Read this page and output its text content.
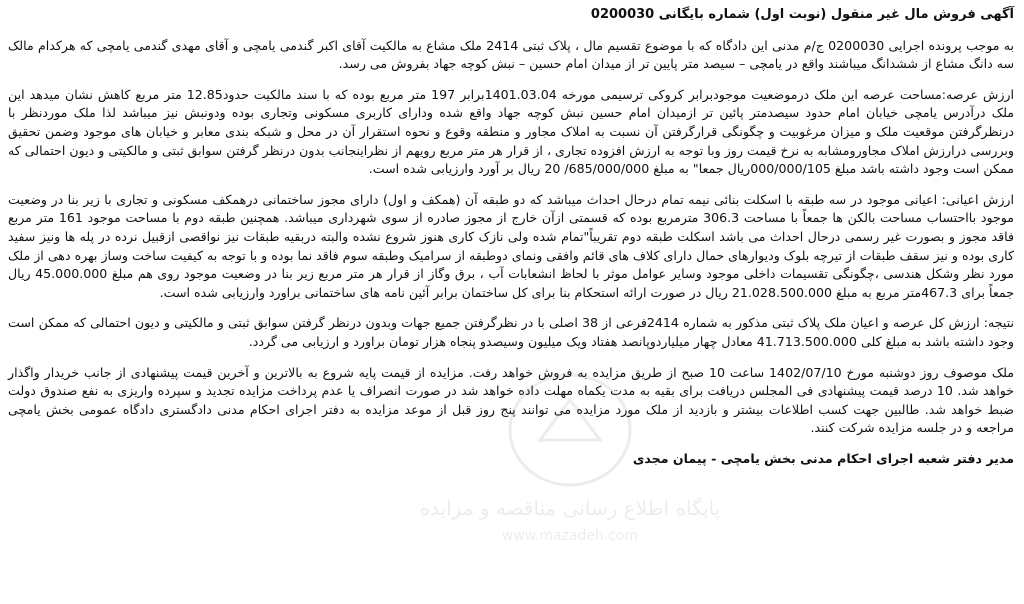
آگهی فروش مال غیر منقول (نوبت اول) شماره بایگانی 0200030
به موجب پرونده اجرایی 0200030 ج/م مدنی این دادگاه که با موضوع تقسیم مال ، پلاک ثبتی 2414 ملک مشاع به مالکیت آقای اکبر گندمی یامچی و آقای مهدی گندمی یامچی که هرکدام مالک سه دانگ مشاع از ششدانگ میباشند واقع در یامچی – سیصد متر پایین تر از میدان امام حسین – نبش کوچه جهاد بفروش می رسد.
ارزش عرصه:مساحت عرصه این ملک درموضعیت موجودبرابر کروکی ترسیمی مورخه 1401.03.04برابر 197 متر مربع بوده که با سند مالکیت حدود12.85 متر مربع کاهش نشان میدهد این ملک درآدرس یامچی خیابان امام حدود سیصدمتر پائین تر ازمیدان امام حسین نبش کوچه جهاد واقع شده ودارای کاربری مسکونی وتجاری بوده ودونبش نیز میباشد لذا ملک موردنظر با درنظرگرفتن موقعیت ملک و میزان مرغوبیت و چگونگی قرارگرفتن آن نسبت به املاک مجاور و منطقه وقوع و نحوه استقرار آن در محل و شبکه بندی معابر و خیابان های موجود وضمن تحقیق وبررسی درارزش املاک مجاورومشابه به نرخ قیمت روز وبا توجه به ارزش افزوده تجاری ، از قرار هر متر مربع رویهم از نظراینجانب بدون درنظر گرفتن سوابق ثبتی و مالکیتی و دیون احتمالی که ممکن است وجود داشته باشد مبلغ 000/000/105ریال جمعا" به مبلغ 685/000/000/ 20 ریال بر آورد وارزیابی شده است.
ارزش اعیانی: اعیانی موجود در سه طبقه با اسکلت بنائی نیمه تمام درحال احداث میباشد که دو طبقه آن (همکف و اول) دارای مجوز ساختمانی درهمکف مسکونی و تجاری با زیر بنا در وضعیت موجود بااحتساب مساحت بالکن ها جمعاً با مساحت 306.3 مترمربع بوده که قسمتی ازآن خارج از مجوز صادره از سوی شهرداری میباشد. همچنین طبقه دوم با مساحت موجود 161 متر مربع فاقد مجوز و بصورت غیر رسمی درحال احداث می باشد اسکلت طبقه دوم تقریباً"تمام شده ولی نازک کاری هنوز شروع نشده والبته دربقیه طبقات نیز نواقصی ازقبیل نرده در پله ها ونیز سفید کاری بوده و نیز سقف طبقات از تیرچه بلوک ودیوارهای حمال دارای کلاف های قائم وافقی ونمای دوطبقه از سرامیک وطبقه سوم فاقد نما بوده و با توجه به کیفیت ساخت وساز بهره دهی از ملک مورد نظر وشکل هندسی ،چگونگی تقسیمات داخلی موجود وسایر عوامل موثر با لحاظ انشعابات آب ، برق وگاز از قرار هر متر مربع زیر بنا در وضعیت موجود روی هم مبلغ 45.000.000 ریال جمعاً برای 467.3متر مربع به مبلغ 21.028.500.000 ریال در صورت ارائه استحکام بنا برای کل ساختمان برابر آئین نامه های ساختمانی براورد وارزیابی شده است.
نتیجه: ارزش کل عرصه و اعیان ملک پلاک ثبتی مذکور به شماره 2414فرعی از 38 اصلی با در نظرگرفتن جمیع جهات وبدون درنظر گرفتن سوابق ثبتی و مالکیتی و دیون احتمالی که ممکن است وجود داشته باشد به مبلغ کلی 41.713.500.000 معادل چهار میلیاردوپانصد هفتاد ویک میلیون وسیصدو پنجاه هزار تومان براورد و ارزیابی می گردد.
ملک موصوف روز دوشنبه مورخ 1402/07/10 ساعت 10 صبح از طریق مزایده به فروش خواهد رفت. مزایده از قیمت پایه شروع به بالاترین و آخرین قیمت پیشنهادی از جانب خریدار واگذار خواهد شد. 10 درصد قیمت پیشنهادی فی المجلس دریافت برای بقیه به مدت یکماه مهلت داده خواهد شد در صورت انصراف یا عدم پرداخت مزایده تجدید و سپرده واریزی به نفع صندوق دولت ضبط خواهد شد. طالبین جهت کسب اطلاعات بیشتر و بازدید از ملک مورد مزایده می توانند پنج روز قبل از موعد مزایده به دفتر اجرای احکام مدنی دادگستری دادگاه عمومی بخش یامچی مراجعه و در جلسه مزایده شرکت کنند.
مدیر دفتر شعبه اجرای احکام مدنی بخش یامچی - پیمان مجدی
پایگاه اطلاع رسانی مناقصه و مزایده
www.mazadeh.com
